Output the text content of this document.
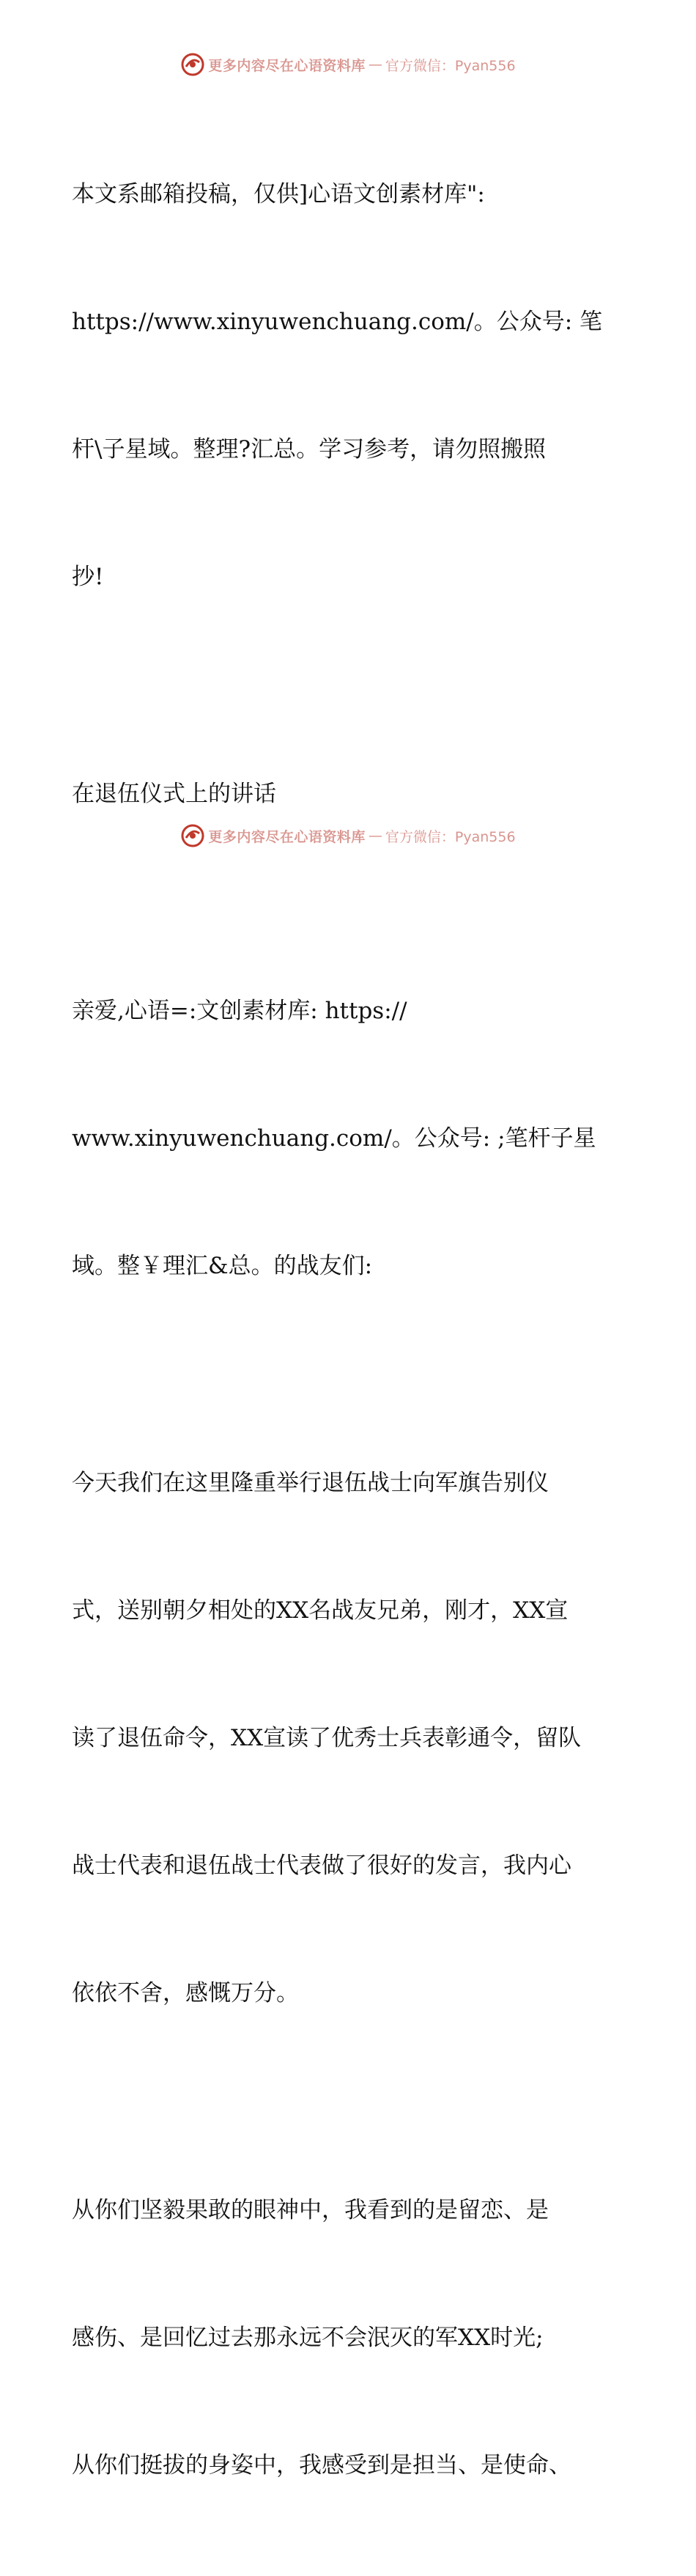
更多内容尽在心语资料库 — 官方微信：Pyan556

本文系邮箱投稿，仅供]心语文创素材库":

https://www.xinyuwenchuang.com/。公众号: 笔

杆\子星域。整理?汇总。学习参考，请勿照搬照

抄!

在退伍仪式上的讲话

亲爱,心语=:文创素材库: https://

www.xinyuwenchuang.com/。公众号: ;笔杆子星

域。整￥理汇&总。的战友们:

今天我们在这里隆重举行退伍战士向军旗告别仪

式，送别朝夕相处的XX名战友兄弟，刚才，XX宣

读了退伍命令，XX宣读了优秀士兵表彰通令，留队

战士代表和退伍战士代表做了很好的发言，我内心

依依不舍，感慨万分。

从你们坚毅果敢的眼神中，我看到的是留恋、是

感伤、是回忆过去那永远不会泯灭的军XX时光;

从你们挺拔的身姿中，我感受到是担当、是使命、

更多内容尽在心语资料库 — 官方微信：Pyan556
